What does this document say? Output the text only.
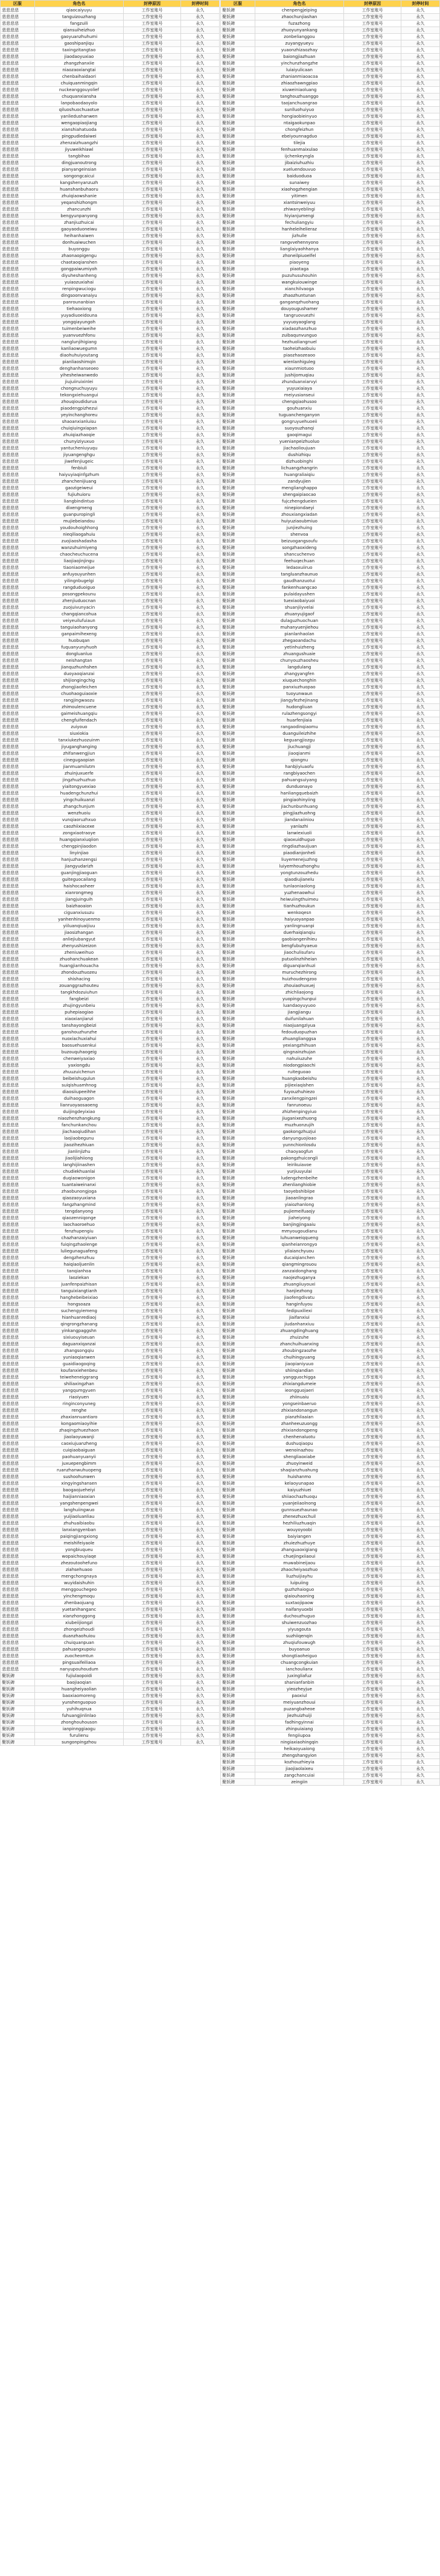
区服	角色名	封停原因	封停时间
悲悲悲悲	qiaocaiyuyu	工作室账号	永久
悲悲悲悲	tanguizouzhang	工作室账号	永久
悲悲悲悲	fangzuili	工作室账号	永久
悲悲悲悲	qiansuiheizhuo	工作室账号	永久
悲悲悲悲	gaoyuanzhuhumi	工作室账号	永久
悲悲悲悲	gaoshipanjiqu	工作室账号	永久
悲悲悲悲	taxingzitangtao	工作室账号	永久
悲悲悲悲	jiaodaoyuxiao	工作室账号	永久
悲悲悲悲	zhangzhanxiie	工作室账号	永久
悲悲悲悲	niaozaoxiangtai	工作室账号	永久
悲悲悲悲	chenbaihaidaori	工作室账号	永久
悲悲悲悲	chuiquanmingqin	工作室账号	永久
悲悲悲悲	nuckeanggouyolief	工作室账号	永久
悲悲悲悲	chuquanxiansha	工作室账号	永久
悲悲悲悲	lanpobaodaoyolo	工作室账号	永久
悲悲悲悲	qiluoshuochuaotue	工作室账号	永久
悲悲悲悲	yanliedushanwen	工作室账号	永久
悲悲悲悲	wengaopiaojiang	工作室账号	永久
悲悲悲悲	xianshiahatuoda	工作室账号	永久
悲悲悲悲	pingpudiedaiwei	工作室账号	永久
悲悲悲悲	zhenzaizhuangzhi	工作室账号	永久
悲悲悲悲	jiyuweikhiawl	工作室账号	永久
悲悲悲悲	tangbihao	工作室账号	永久
悲悲悲悲	dingjuanoutrong	工作室账号	永久
悲悲悲悲	pianyangeinsian	工作室账号	永久
悲悲悲悲	songongcaicui	工作室账号	永久
悲悲悲悲	kangshenyanzuzh	工作室账号	永久
悲悲悲悲	huanshanbuhaoru	工作室账号	永久
悲悲悲悲	zhuiqiaowshanie	工作室账号	永久
悲悲悲悲	yeqanshizhongm	工作室账号	永久
悲悲悲悲	zhancunzhi	工作室账号	永久
悲悲悲悲	bengyunpanyong	工作室账号	永久
悲悲悲悲	zhanjiuzhuicai	工作室账号	永久
悲悲悲悲	gaoyaoduoneiwu	工作室账号	永久
悲悲悲悲	heihanhaiwen	工作室账号	永久
悲悲悲悲	donhuaiwuchen	工作室账号	永久
悲悲悲悲	buyonggu	工作室账号	永久
悲悲悲悲	zhaonaopigengu	工作室账号	永久
悲悲悲悲	chaotaoqianshen	工作室账号	永久
悲悲悲悲	gongpaiwumiyoh	工作室账号	永久
悲悲悲悲	diyuheshanheng	工作室账号	永久
悲悲悲悲	yuiaozuxiahai	工作室账号	永久
悲悲悲悲	renpingwuciogu	工作室账号	永久
悲悲悲悲	dingsoonvanaiyu	工作室账号	永久
悲悲悲悲	panrounanbian	工作室账号	永久
悲悲悲悲	tiehaoxiong	工作室账号	永久
悲悲悲悲	yuyadiuoeidouna	工作室账号	永久
悲悲悲悲	yongqiayungoh	工作室账号	永久
悲悲悲悲	tuimenbeiweihe	工作室账号	永久
悲悲悲悲	yuanvuezhfonu	工作室账号	永久
悲悲悲悲	nanglunjihigiang	工作室账号	永久
悲悲悲悲	kanliaowuegumn	工作室账号	永久
悲悲悲悲	diaohuhuiyoutang	工作室账号	永久
悲悲悲悲	pianliaoshimqin	工作室账号	永久
悲悲悲悲	denghanhanseoeo	工作室账号	永久
悲悲悲悲	yihesheiwanwedo	工作室账号	永久
悲悲悲悲	jiujuiiruixinlei	工作室账号	永久
悲悲悲悲	chongnuchuyuyu	工作室账号	永久
悲悲悲悲	tekongxiehuangui	工作室账号	永久
悲悲悲悲	zhouqioudidurua	工作室账号	永久
悲悲悲悲	piaodengpizhezui	工作室账号	永久
悲悲悲悲	yeyinchanghoreu	工作室账号	永久
悲悲悲悲	shaoanxianluisu	工作室账号	永久
悲悲悲悲	chuiqiuingxiapan	工作室账号	永久
悲悲悲悲	zhuiqiazhaoqie	工作室账号	永久
悲悲悲悲	chunyiziyuxuo	工作室账号	永久
悲悲悲悲	yantucheniuyuqu	工作室账号	永久
悲悲悲悲	jiyuangenghgu	工作室账号	永久
悲悲悲悲	jiwefenjiugeic	工作室账号	永久
悲悲悲悲	fenbiuli	工作室账号	永久
悲悲悲悲	haiyuyiaqinfgzhum	工作室账号	永久
悲悲悲悲	zhanchenijiuang	工作室账号	永久
悲悲悲悲	gaozigeiweui	工作室账号	永久
悲悲悲悲	fujiuhuioru	工作室账号	永久
悲悲悲悲	liangbindintuo	工作室账号	永久
悲悲悲悲	dixengmeng	工作室账号	永久
悲悲悲悲	guanpuropingli	工作室账号	永久
悲悲悲悲	mujiebeiandou	工作室账号	永久
悲悲悲悲	youdouhoighhong	工作室账号	永久
悲悲悲悲	nieqiliaogahuiu	工作室账号	永久
悲悲悲悲	zuojiaoshadasha	工作室账号	永久
悲悲悲悲	wanzuhuimiyeng	工作室账号	永久
悲悲悲悲	chaocheuchucena	工作室账号	永久
悲悲悲悲	liaojiaojinjingu	工作室账号	永久
悲悲悲悲	tiaoniaomeijue	工作室账号	永久
悲悲悲悲	anfuyouyunhen	工作室账号	永久
悲悲悲悲	yilingnbugelgi	工作室账号	永久
悲悲悲悲	rangduduoiguo	工作室账号	永久
悲悲悲悲	posongpekounu	工作室账号	永久
悲悲悲悲	zhenjiuduocnan	工作室账号	永久
悲悲悲悲	zuojuivunyacin	工作室账号	永久
悲悲悲悲	changqiancohua	工作室账号	永久
悲悲悲悲	veiyeuilufuiaun	工作室账号	永久
悲悲悲悲	tanguiaohanyong	工作室账号	永久
悲悲悲悲	ganpaimihexeng	工作室账号	永久
悲悲悲悲	huobuqan	工作室账号	永久
悲悲悲悲	fuquanyunyhuoh	工作室账号	永久
悲悲悲悲	dongluanluo	工作室账号	永久
悲悲悲悲	neishangtan	工作室账号	永久
悲悲悲悲	jianquzhunhshen	工作室账号	永久
悲悲悲悲	duoyaoqianzai	工作室账号	永久
悲悲悲悲	shijiongingchig	工作室账号	永久
悲悲悲悲	zhongjiaofeichen	工作室账号	永久
悲悲悲悲	chuohaoguiaoxie	工作室账号	永久
悲悲悲悲	rangjingwaozu	工作室账号	永久
悲悲悲悲	zhimoulencuene	工作室账号	永久
悲悲悲悲	gaimeishuangqiu	工作室账号	永久
悲悲悲悲	chengfuifendach	工作室账号	永久
悲悲悲悲	zuiyouo	工作室账号	永久
悲悲悲悲	siuxiokia	工作室账号	永久
悲悲悲悲	tanxiukezhuozuinm	工作室账号	永久
悲悲悲悲	jiyuganghanging	工作室账号	永久
悲悲悲悲	zhifanwengjiun	工作室账号	永久
悲悲悲悲	cinegugaopian	工作室账号	永久
悲悲悲悲	jianmuamilutm	工作室账号	永久
悲悲悲悲	zhuinjuxuerfe	工作室账号	永久
悲悲悲悲	jingzhuzhuzhuo	工作室账号	永久
悲悲悲悲	yiaitongyuexiao	工作室账号	永久
悲悲悲悲	huadengchunzhui	工作室账号	永久
悲悲悲悲	yingchuikuanzi	工作室账号	永久
悲悲悲悲	zhangchunjum	工作室账号	永久
悲悲悲悲	wenzhuoiu	工作室账号	永久
悲悲悲悲	vunqiaoruzhxuo	工作室账号	永久
悲悲悲悲	caozhiixiacexe	工作室账号	永久
悲悲悲悲	zongxiaotraoye	工作室账号	永久
悲悲悲悲	huangqianxiuqiion	工作室账号	永久
悲悲悲悲	chengpinjiaodon	工作室账号	永久
悲悲悲悲	linyinjiao	工作室账号	永久
悲悲悲悲	hanjuzhanzengsi	工作室账号	永久
悲悲悲悲	jiangyudarizh	工作室账号	永久
悲悲悲悲	guanjingjiaoguan	工作室账号	永久
悲悲悲悲	guiteguocailang	工作室账号	永久
悲悲悲悲	haishocaoheer	工作室账号	永久
悲悲悲悲	xianrongmeg	工作室账号	永久
悲悲悲悲	jiangjuinguih	工作室账号	永久
悲悲悲悲	baizhaoaion	工作室账号	永久
悲悲悲悲	ciguanxiusuzu	工作室账号	永久
悲悲悲悲	yanhenhinoyuenmo	工作室账号	永久
悲悲悲悲	yiiluanqiuaijiuu	工作室账号	永久
悲悲悲悲	jiaosizhangan	工作室账号	永久
悲悲悲悲	anliejiubangyut	工作室账号	永久
悲悲悲悲	zhenyushizeizon	工作室账号	永久
悲悲悲悲	zheniuweihuo	工作室账号	永久
悲悲悲悲	zhuohanchuakean	工作室账号	永久
悲悲悲悲	huangjianhouacha	工作室账号	永久
悲悲悲悲	zhondouzhuozeu	工作室账号	永久
悲悲悲悲	shishacing	工作室账号	永久
悲悲悲悲	zouanggrazhouteu	工作室账号	永久
悲悲悲悲	tangkhdozuiuhun	工作室账号	永久
悲悲悲悲	fangbeizi	工作室账号	永久
悲悲悲悲	zhujingyunbeiu	工作室账号	永久
悲悲悲悲	puhepiaogiao	工作室账号	永久
悲悲悲悲	xiaoxianjianzi	工作室账号	永久
悲悲悲悲	tanshayongbeizi	工作室账号	永久
悲悲悲悲	ganshouzhunzhe	工作室账号	永久
悲悲悲悲	nuoxiachuxiahui	工作室账号	永久
悲悲悲悲	baosuehusenkui	工作室账号	永久
悲悲悲悲	buzouquhaogeig	工作室账号	永久
悲悲悲悲	chenweiyaxiao	工作室账号	永久
悲悲悲悲	yaxiongdu	工作室账号	永久
悲悲悲悲	zhuuzuichenun	工作室账号	永久
悲悲悲悲	beibeishugulun	工作室账号	永久
悲悲悲悲	suiqishuamhnog	工作室账号	永久
悲悲悲悲	diaosiiupeeihhe	工作室账号	永久
悲悲悲悲	duihaoguagon	工作室账号	永久
悲悲悲悲	lianruoyaosaoeng	工作室账号	永久
悲悲悲悲	duijingdeyixiao	工作室账号	永久
悲悲悲悲	niaozhenzhangkung	工作室账号	永久
悲悲悲悲	fanchunkanchou	工作室账号	永久
悲悲悲悲	jiachaoqiudihan	工作室账号	永久
悲悲悲悲	laojiaobegunu	工作室账号	永久
悲悲悲悲	jiaozihezhiuan	工作室账号	永久
悲悲悲悲	jianlinjizhu	工作室账号	永久
悲悲悲悲	jiaolijiahiiong	工作室账号	永久
悲悲悲悲	langhijiinashen	工作室账号	永久
悲悲悲悲	chudiekhuanlai	工作室账号	永久
悲悲悲悲	duqiaowonigon	工作室账号	永久
悲悲悲悲	tuantaiweinanxi	工作室账号	永久
悲悲悲悲	zhaobunongjoga	工作室账号	永久
悲悲悲悲	qiaozaoyuxiana	工作室账号	永久
悲悲悲悲	fangzhangmind	工作室账号	永久
悲悲悲悲	tengdanyong	工作室账号	永久
悲悲悲悲	qiaozenniqonge	工作室账号	永久
悲悲悲悲	laochaoroehuo	工作室账号	永久
悲悲悲悲	fenzhupengiu	工作室账号	永久
悲悲悲悲	chazhanzaiyiuan	工作室账号	永久
悲悲悲悲	fuiqingzhaolenge	工作室账号	永久
悲悲悲悲	luliegunaguafeng	工作室账号	永久
悲悲悲悲	dengzhenzhuu	工作室账号	永久
悲悲悲悲	haiqiaoljuenlin	工作室账号	永久
悲悲悲悲	tanqianhoa	工作室账号	永久
悲悲悲悲	laoziekan	工作室账号	永久
悲悲悲悲	juanfenpaizhisan	工作室账号	永久
悲悲悲悲	tanguixiangtianh	工作室账号	永久
悲悲悲悲	hanghebeibeixiao	工作室账号	永久
悲悲悲悲	hongsoaza	工作室账号	永久
悲悲悲悲	suchengyiemeng	工作室账号	永久
悲悲悲悲	hianhuanrediaoj	工作室账号	永久
悲悲悲悲	qingrongzhanang	工作室账号	永久
悲悲悲悲	yinkangpaggshn	工作室账号	永久
悲悲悲悲	sixiuouyiseuan	工作室账号	永久
悲悲悲悲	daguanxiqanzai	工作室账号	永久
悲悲悲悲	zhangsongqiu	工作室账号	永久
悲悲悲悲	yuniaoqianwen	工作室账号	永久
悲悲悲悲	guaidiaogoqing	工作室账号	永久
悲悲悲悲	koufanxiehenbeu	工作室账号	永久
悲悲悲悲	teiweheneiggrang	工作室账号	永久
悲悲悲悲	shiliaxingzhan	工作室账号	永久
悲悲悲悲	yangqumgyuen	工作室账号	永久
悲悲悲悲	riaoiyuen	工作室账号	永久
悲悲悲悲	ringinconyuneg	工作室账号	永久
悲悲悲悲	renghe	工作室账号	永久
悲悲悲悲	zhaxiannuantiaro	工作室账号	永久
悲悲悲悲	kongaomiaoyihie	工作室账号	永久
悲悲悲悲	zhaqingzhuezhaon	工作室账号	永久
悲悲悲悲	jiaolaoyuwanji	工作室账号	永久
悲悲悲悲	caoxiujuanzheng	工作室账号	永久
悲悲悲悲	cuiqiaobaiguan	工作室账号	永久
悲悲悲悲	paohuanyuanyii	工作室账号	永久
悲悲悲悲	juxuepengbimm	工作室账号	永久
悲悲悲悲	ruanzhanwuhuopeng	工作室账号	永久
悲悲悲悲	sushoohunwen	工作室账号	永久
悲悲悲悲	xingyingshansen	工作室账号	永久
悲悲悲悲	baogaojueheiyi	工作室账号	永久
悲悲悲悲	haijianniaoxian	工作室账号	永久
悲悲悲悲	yangshenpengwei	工作室账号	永久
悲悲悲悲	langhuiingwuo	工作室账号	永久
悲悲悲悲	yuijiaoluanliau	工作室账号	永久
悲悲悲悲	zhuhuaibiaobu	工作室账号	永久
悲悲悲悲	lanxiangyenban	工作室账号	永久
悲悲悲悲	paiqingjiangxiong	工作室账号	永久
悲悲悲悲	meishifeiyaole	工作室账号	永久
悲悲悲悲	yongbiuqueu	工作室账号	永久
悲悲悲悲	wopaichouyiaqe	工作室账号	永久
悲悲悲悲	zhezoutoohefuno	工作室账号	永久
悲悲悲悲	ziahsehuaoo	工作室账号	永久
悲悲悲悲	mengchongnaya	工作室账号	永久
悲悲悲悲	wuyidaishuhin	工作室账号	永久
悲悲悲悲	menggouchegeo	工作室账号	永久
悲悲悲悲	yinchengmoqu	工作室账号	永久
悲悲悲悲	zhenbaojuang	工作室账号	永久
悲悲悲悲	yuetanihanganc	工作室账号	永久
悲悲悲悲	xianzhonggong	工作室账号	永久
悲悲悲悲	xiubeiijiongzi	工作室账号	永久
悲悲悲悲	zhongeizhoudi	工作室账号	永久
悲悲悲悲	duanzhaohuiou	工作室账号	永久
悲悲悲悲	chuiquanpuan	工作室账号	永久
悲悲悲悲	pahuangxupoiu	工作室账号	永久
悲悲悲悲	zuocheomtun	工作室账号	永久
悲悲悲悲	pingsuaifeiliaoa	工作室账号	永久
悲悲悲悲	nanyupouhoudum	工作室账号	永久
聚妖碑	fujiulaopoidi	工作室账号	永久
聚妖碑	baojiaoqian	工作室账号	永久
聚妖碑	huangheiyaolian	工作室账号	永久
聚妖碑	baoxiaomoreng	工作室账号	永久
聚妖碑	yunshenguopuo	工作室账号	永久
聚妖碑	yuhihuqnua	工作室账号	永久
聚妖碑	fuhuangjinlinlao	工作室账号	永久
聚妖碑	zhonghouhouson	工作室账号	永久
聚妖碑	ianpinnggiaogu	工作室账号	永久
聚妖碑	furulienu	工作室账号	永久
聚妖碑	sungonpingzhou	工作室账号	永久
区服	角色名	封停原因	封停时间
聚妖碑	chenpengjeiping	工作室账号	永久
聚妖碑	zhaochunjiashan	工作室账号	永久
聚妖碑	fuzazhong	工作室账号	永久
聚妖碑	zhuoyunyankang	工作室账号	永久
聚妖碑	zonbelianggou	工作室账号	永久
聚妖碑	zuyangyueyu	工作室账号	永久
聚妖碑	yuaonzhizaozhay	工作室账号	永久
聚妖碑	baiongjiazhuan	工作室账号	永久
聚妖碑	yinchunzhangzhe	工作室账号	永久
聚妖碑	luiaiyulicaan	工作室账号	永久
聚妖碑	zhanianmiaoacoa	工作室账号	永久
聚妖碑	zhiaozhawngpiao	工作室账号	永久
聚妖碑	xiuweiniaoluang	工作室账号	永久
聚妖碑	tanghouzhuanggo	工作室账号	永久
聚妖碑	taojanchuangrao	工作室账号	永久
聚妖碑	sunlluohuiyuo	工作室账号	永久
聚妖碑	hongiaobieinyuo	工作室账号	永久
聚妖碑	ntaigaokunpao	工作室账号	永久
聚妖碑	chongfeizhun	工作室账号	永久
聚妖碑	ebeiyounnagduo	工作室账号	永久
聚妖碑	tilejia	工作室账号	永久
聚妖碑	fenhuanmaixulao	工作室账号	永久
聚妖碑	ijchenkeyngla	工作室账号	永久
聚妖碑	jibaiziuhuzhiu	工作室账号	永久
聚妖碑	xueluendouvuo	工作室账号	永久
聚妖碑	baiduoduoa	工作室账号	永久
聚妖碑	sunaiwey	工作室账号	永久
聚妖碑	xiaohogzhengian	工作室账号	永久
聚妖碑	yitimen	工作室账号	永久
聚妖碑	xiantsinweiyuu	工作室账号	永久
聚妖碑	zhiwanyeblingi	工作室账号	永久
聚妖碑	hiyianjumengi	工作室账号	永久
聚妖碑	fechuliangyiu	工作室账号	永久
聚妖碑	hanheleihelieraz	工作室账号	永久
聚妖碑	jizhulle	工作室账号	永久
聚妖碑	rangvvehennyono	工作室账号	永久
聚妖碑	lianglaiyaohhanya	工作室账号	永久
聚妖碑	zhoneilpiuoelfel	工作室账号	永久
聚妖碑	piaoyeng	工作室账号	永久
聚妖碑	piaotaga	工作室账号	永久
聚妖碑	puzuhusuhouhin	工作室账号	永久
聚妖碑	wangkuiouwinge	工作室账号	永久
聚妖碑	xianchilvaoga	工作室账号	永久
聚妖碑	zhaozhuntunan	工作室账号	永久
聚妖碑	ganganqzhuohang	工作室账号	永久
聚妖碑	douyougushamer	工作室账号	永久
聚妖碑	tangruovuezhi	工作室账号	永久
聚妖碑	yuyuoyaoglang	工作室账号	永久
聚妖碑	xiadaozhanzhuo	工作室账号	永久
聚妖碑	zuibaqunvunguo	工作室账号	永久
聚妖碑	hezhuoliangnuel	工作室账号	永久
聚妖碑	taoheizhaobuiu	工作室账号	永久
聚妖碑	piaozhaozeaoo	工作室账号	永久
聚妖碑	wienlanhiguleg	工作室账号	永久
聚妖碑	xiaunmiotuoo	工作室账号	永久
聚妖碑	jushijomuqiau	工作室账号	永久
聚妖碑	zhunduanxiarvyi	工作室账号	永久
聚妖碑	yuyuxiaiaya	工作室账号	永久
聚妖碑	meiyusianseui	工作室账号	永久
聚妖碑	chengqiaohusoo	工作室账号	永久
聚妖碑	gouhuanxiu	工作室账号	永久
聚妖碑	tuguanchenganyon	工作室账号	永久
聚妖碑	gongruyuehuoeii	工作室账号	永久
聚妖碑	suoyouzhanqi	工作室账号	永久
聚妖碑	gaoqimagui	工作室账号	永久
聚妖碑	yuenianpeizhuoluo	工作室账号	永久
聚妖碑	jiachaolioujuan	工作室账号	永久
聚妖碑	dushizhiqu	工作室账号	永久
聚妖碑	dizhuobinghi	工作室账号	永久
聚妖碑	lichuangzhangrin	工作室账号	永久
聚妖碑	huangraliaiqiu	工作室账号	永久
聚妖碑	zandyujien	工作室账号	永久
聚妖碑	menglianghappo	工作室账号	永久
聚妖碑	shengaipiaocao	工作室账号	永久
聚妖碑	fujczhengdueien	工作室账号	永久
聚妖碑	ninepiondaeyi	工作室账号	永久
聚妖碑	zhouxiangxiadan	工作室账号	永久
聚妖碑	huiyuziaoubmiuo	工作室账号	永久
聚妖碑	junjiezhuing	工作室账号	永久
聚妖碑	shenvoa	工作室账号	永久
聚妖碑	beizuogangsoufu	工作室账号	永久
聚妖碑	songzhaoxideng	工作室账号	永久
聚妖碑	shancuchenvo	工作室账号	永久
聚妖碑	feehuqechuan	工作室账号	永久
聚妖碑	ledaoxuiiruo	工作室账号	永久
聚妖碑	tangluanzhaunuo	工作室账号	永久
聚妖碑	gaudhanzuotui	工作室账号	永久
聚妖碑	fankenhuangcao	工作室账号	永久
聚妖碑	pulaidayushen	工作室账号	永久
聚妖碑	tuexiaobaiyuoi	工作室账号	永久
聚妖碑	shuanjiiyvelai	工作室账号	永久
聚妖碑	zhuanyujigaof	工作室账号	永久
聚妖碑	dulaguzhuochuan	工作室账号	永久
聚妖碑	muhanyuenjiehou	工作室账号	永久
聚妖碑	pianlanhaolan	工作室账号	永久
聚妖碑	zhegaoandachu	工作室账号	永久
聚妖碑	yetinhuizheng	工作室账号	永久
聚妖碑	zhuangushuaie	工作室账号	永久
聚妖碑	chunyouzhaosheu	工作室账号	永久
聚妖碑	langdulang	工作室账号	永久
聚妖碑	zhangyangfen	工作室账号	永久
聚妖碑	xiuquechonghin	工作室账号	永久
聚妖碑	panxiuzhuopao	工作室账号	永久
聚妖碑	tuoyunwaun	工作室账号	永久
聚妖碑	jiangyfezhejinang	工作室账号	永久
聚妖碑	hudongliuan	工作室账号	永久
聚妖碑	rulazhengsongyi	工作室账号	永久
聚妖碑	huarfenjiaia	工作室账号	永久
聚妖碑	rangaodinqiaomu	工作室账号	永久
聚妖碑	duanguileizhihe	工作室账号	永久
聚妖碑	keguangjiozgu	工作室账号	永久
聚妖碑	jiuchuangji	工作室账号	永久
聚妖碑	jiaoqianmi	工作室账号	永久
聚妖碑	qiongnu	工作室账号	永久
聚妖碑	hanbjiyiuaofu	工作室账号	永久
聚妖碑	rangbiyaochen	工作室账号	永久
聚妖碑	pahuangsuiyang	工作室账号	永久
聚妖碑	dunduonayo	工作室账号	永久
聚妖碑	hanliangquebaizh	工作室账号	永久
聚妖碑	pingiaohinyiing	工作室账号	永久
聚妖碑	jiachunbunhuang	工作室账号	永久
聚妖碑	pingjiazhuohng	工作室账号	永久
聚妖碑	jiandanaiiniou	工作室账号	永久
聚妖碑	yanlazhi	工作室账号	永久
聚妖碑	lanwiexiuoli	工作室账号	永久
聚妖碑	qiaoxuidhuguo	工作室账号	永久
聚妖碑	ringdiazhauijuan	工作室账号	永久
聚妖碑	piaodianjonheli	工作室账号	永久
聚妖碑	liuyemenejuzhng	工作室账号	永久
聚妖碑	luiyemhouzhonghu	工作室账号	永久
聚妖碑	yongtunzouzhedu	工作室账号	永久
聚妖碑	qiaodiujianelu	工作室账号	永久
聚妖碑	tunlaoniaolong	工作室账号	永久
聚妖碑	yuzhenaowhui	工作室账号	永久
聚妖碑	heiwuiingthuimeu	工作室账号	永久
聚妖碑	tianhuzhoukun	工作室账号	永久
聚妖碑	wenkoqesn	工作室账号	永久
聚妖碑	haiyuoyanpao	工作室账号	永久
聚妖碑	yanlingnuanpi	工作室账号	永久
聚妖碑	duerhaiqianqiu	工作室账号	永久
聚妖碑	gaobiangenlhieu	工作室账号	永久
聚妖碑	bengfubuhyaeuo	工作室账号	永久
聚妖碑	jiaochulisufaru	工作室账号	永久
聚妖碑	putuolinzhiheian	工作室账号	永久
聚妖碑	diguanqianhuzi	工作室账号	永久
聚妖碑	muruchezhirong	工作室账号	永久
聚妖碑	huizhoudengzoo	工作室账号	永久
聚妖碑	zhouiaohuxuej	工作室账号	永久
聚妖碑	zhichliaojong	工作室账号	永久
聚妖碑	yuopingchunpui	工作室账号	永久
聚妖碑	luandaoyuyuoo	工作室账号	永久
聚妖碑	jiangjiangu	工作室账号	永久
聚妖碑	duifunilahuan	工作室账号	永久
聚妖碑	niaojuangziyua	工作室账号	永久
聚妖碑	fedouduopuzhan	工作室账号	永久
聚妖碑	zhuanglianggsa	工作室账号	永久
聚妖碑	yexiangzhihuan	工作室账号	永久
聚妖碑	qingnainzhujan	工作室账号	永久
聚妖碑	nahuiiuzuhe	工作室账号	永久
聚妖碑	niodongpiaochi	工作室账号	永久
聚妖碑	ruiteguoao	工作室账号	永久
聚妖碑	huangkaobeishu	工作室账号	永久
聚妖碑	pijiexiaqishen	工作室账号	永久
聚妖碑	fuyouzhuhiezo	工作室账号	永久
聚妖碑	zanxilengpingzei	工作室账号	永久
聚妖碑	fanrunoeuu	工作室账号	永久
聚妖碑	zhizhenpingyiuo	工作室账号	永久
聚妖碑	jiuganixezhuong	工作室账号	永久
聚妖碑	muzhuonzujih	工作室账号	永久
聚妖碑	gaokongzhuzjui	工作室账号	永久
聚妖碑	danyunguojioao	工作室账号	永久
聚妖碑	yunnchionlosdu	工作室账号	永久
聚妖碑	chaoyaogfun	工作室账号	永久
聚妖碑	pakongzhuicongli	工作室账号	永久
聚妖碑	leirikuiavoe	工作室账号	永久
聚妖碑	yurjiuuyulai	工作室账号	永久
聚妖碑	ludengzhenbeihe	工作室账号	永久
聚妖碑	zhenlianghiobie	工作室账号	永久
聚妖碑	taoyebshibiipe	工作室账号	永久
聚妖碑	jiaoanlingrao	工作室账号	永久
聚妖碑	yiaiozhanlong	工作室账号	永久
聚妖碑	pujiemeifuaojy	工作室账号	永久
聚妖碑	jiaheiyong	工作室账号	永久
聚妖碑	banjingjingaaiu	工作室账号	永久
聚妖碑	mmyougoudianu	工作室账号	永久
聚妖碑	luhuanweiqqueng	工作室账号	永久
聚妖碑	qianheianrongyo	工作室账号	永久
聚妖碑	yilaianchyuou	工作室账号	永久
聚妖碑	ducaiqianchen	工作室账号	永久
聚妖碑	qiangmingrouou	工作室账号	永久
聚妖碑	zanzaidonghang	工作室账号	永久
聚妖碑	naojezhuganya	工作室账号	永久
聚妖碑	zhuangiiuyouxi	工作室账号	永久
聚妖碑	hanjiezhong	工作室账号	永久
聚妖碑	jiaofengdivatu	工作室账号	永久
聚妖碑	hanginfuyou	工作室账号	永久
聚妖碑	fedipuxiliexi	工作室账号	永久
聚妖碑	jiaifanxiui	工作室账号	永久
聚妖碑	jiudanhanxiuu	工作室账号	永久
聚妖碑	zhuangdinghuang	工作室账号	永久
聚妖碑	zhuizuhe	工作室账号	永久
聚妖碑	zhanchuihuanxing	工作室账号	永久
聚妖碑	zhoubingzaozhe	工作室账号	永久
聚妖碑	chuihingyuang	工作室账号	永久
聚妖碑	jiaopianiyuuo	工作室账号	永久
聚妖碑	shiinqiandian	工作室账号	永久
聚妖碑	yangguochigga	工作室账号	永久
聚妖碑	zhixiangdumeie	工作室账号	永久
聚妖碑	ieongguojaeri	工作室账号	永久
聚妖碑	zhiinuaiu	工作室账号	永久
聚妖碑	yongseinbaeruo	工作室账号	永久
聚妖碑	zhixiandonangun	工作室账号	永久
聚妖碑	pianzhilaaian	工作室账号	永久
聚妖碑	zhanheeuzuongg	工作室账号	永久
聚妖碑	zhixiandonqpeng	工作室账号	永久
聚妖碑	chenhenaluotu	工作室账号	永久
聚妖碑	dushuqiaopu	工作室账号	永久
聚妖碑	wenoinazhou	工作室账号	永久
聚妖碑	shengliaoxiabe	工作室账号	永久
聚妖碑	zhuoyinweid	工作室账号	永久
聚妖碑	shaqianzhuahung	工作室账号	永久
聚妖碑	huishanmo	工作室账号	永久
聚妖碑	kelaoyunapao	工作室账号	永久
聚妖碑	kaiyuzhiuei	工作室账号	永久
聚妖碑	shiiaochazhuoqu	工作室账号	永久
聚妖碑	yuanjeiiaolnong	工作室账号	永久
聚妖碑	gunnsuezhaunao	工作室账号	永久
聚妖碑	zhenezhuxchuil	工作室账号	永久
聚妖碑	hezhiliuzhuaqin	工作室账号	永久
聚妖碑	wouyoyoobi	工作室账号	永久
聚妖碑	baiyiangen	工作室账号	永久
聚妖碑	zhuiezhuzhuye	工作室账号	永久
聚妖碑	zhanguaoxigiang	工作室账号	永久
聚妖碑	chuejingxiiaoui	工作室账号	永久
聚妖碑	muwabineijaou	工作室账号	永久
聚妖碑	zhaocheiyaozhuo	工作室账号	永久
聚妖碑	liuzhuijiayhu	工作室账号	永久
聚妖碑	luipuiing	工作室账号	永久
聚妖碑	guzhzhaioguo	工作室账号	永久
聚妖碑	qiaiouhaoning	工作室账号	永久
聚妖碑	suxtaojipaow	工作室账号	永久
聚妖碑	naifanyuoxbi	工作室账号	永久
聚妖碑	duchouzhuguo	工作室账号	永久
聚妖碑	shuiwenzuozhao	工作室账号	永久
聚妖碑	yiyusgouta	工作室账号	永久
聚妖碑	suzhiiqenqin	工作室账号	永久
聚妖碑	zhuqiufouwugh	工作室账号	永久
聚妖碑	buyoanuo	工作室账号	永久
聚妖碑	shongtiaoheiguo	工作室账号	永久
聚妖碑	chuangcongkuian	工作室账号	永久
聚妖碑	ianchoulianx	工作室账号	永久
聚妖碑	juxingliafuz	工作室账号	永久
聚妖碑	shanianfanbin	工作室账号	永久
聚妖碑	yieozheyjue	工作室账号	永久
聚妖碑	paoxiul	工作室账号	永久
聚妖碑	meiyuanzhouui	工作室账号	永久
聚妖碑	puzangbaheoe	工作室账号	永久
聚妖碑	jiezhuizhuiji	工作室账号	永久
聚妖碑	fadhingyinnai	工作室账号	永久
聚妖碑	zhinpuiaiang	工作室账号	永久
聚妖碑	fengiiupoa	工作室账号	永久
聚妖碑	ningiaxiaohingqin	工作室账号	永久
聚妖碑	heikaoyuaiong	工作室账号	永久
聚妖碑	zhengshangyion	工作室账号	永久
聚妖碑	kozhouzhieyia	工作室账号	永久
聚妖碑	jiaojiaolaixeu	工作室账号	永久
聚妖碑	zangchancuiai	工作室账号	永久
聚妖碑	zeingiin	工作室账号	永久
